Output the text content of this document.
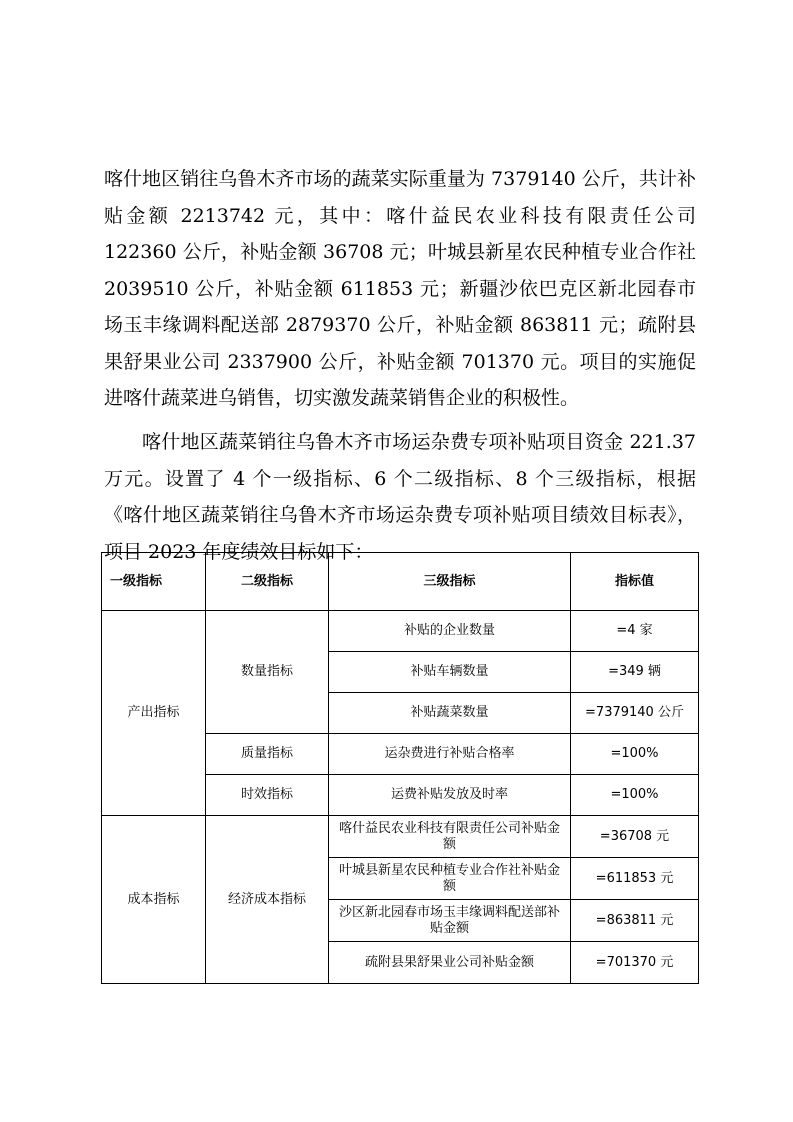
喀什地区销往乌鲁木齐市场的蔬菜实际重量为 7379140 公斤，共计补贴金额 2213742 元，其中：喀什益民农业科技有限责任公司 122360 公斤，补贴金额 36708 元；叶城县新星农民种植专业合作社 2039510 公斤，补贴金额 611853 元；新疆沙依巴克区新北园春市场玉丰缘调料配送部 2879370 公斤，补贴金额 863811 元；疏附县果舒果业公司 2337900 公斤，补贴金额 701370 元。项目的实施促进喀什蔬菜进乌销售，切实激发蔬菜销售企业的积极性。

喀什地区蔬菜销往乌鲁木齐市场运杂费专项补贴项目资金 221.37 万元。设置了 4 个一级指标、6 个二级指标、8 个三级指标，根据《喀什地区蔬菜销往乌鲁木齐市场运杂费专项补贴项目绩效目标表》，项目 2023 年度绩效目标如下：

一级指标	二级指标	三级指标	指标值
产出指标	数量指标	补贴的企业数量	=4 家
		补贴车辆数量	=349 辆
		补贴蔬菜数量	=7379140 公斤
	质量指标	运杂费进行补贴合格率	=100%
	时效指标	运费补贴发放及时率	=100%
成本指标	经济成本指标	喀什益民农业科技有限责任公司补贴金额	=36708 元
		叶城县新星农民种植专业合作社补贴金额	=611853 元
		沙区新北园春市场玉丰缘调料配送部补贴金额	=863811 元
		疏附县果舒果业公司补贴金额	=701370 元
